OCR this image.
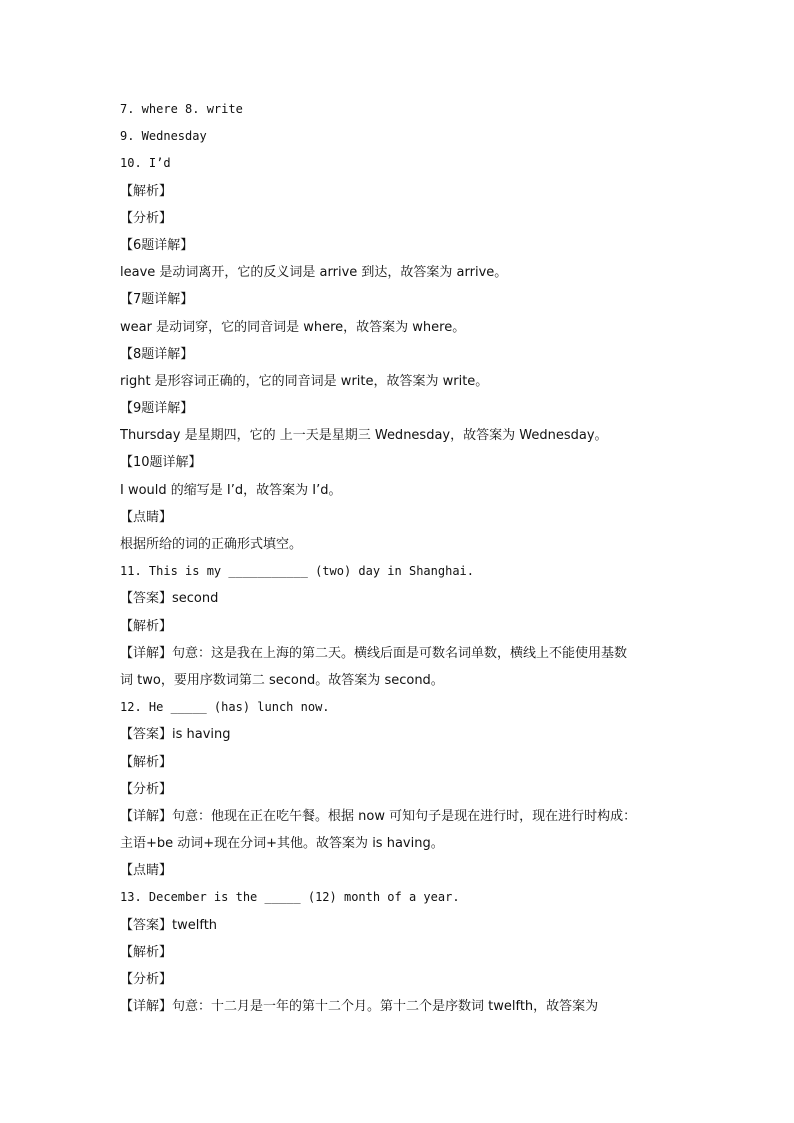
7. where 8. write
9. Wednesday
10. I’d
【解析】
【分析】
【6题详解】
leave 是动词离开，它的反义词是 arrive 到达，故答案为 arrive。
【7题详解】
wear 是动词穿，它的同音词是 where，故答案为 where。
【8题详解】
right 是形容词正确的，它的同音词是 write，故答案为 write。
【9题详解】
Thursday 是星期四，它的 上一天是星期三 Wednesday，故答案为 Wednesday。
【10题详解】
I would 的缩写是 I’d，故答案为 I’d。
【点睛】
根据所给的词的正确形式填空。
11. This is my ___________ (two) day in Shanghai.
【答案】second
【解析】
【详解】句意：这是我在上海的第二天。横线后面是可数名词单数，横线上不能使用基数
词 two，要用序数词第二 second。故答案为 second。
12. He _____ (has) lunch now.
【答案】is having
【解析】
【分析】
【详解】句意：他现在正在吃午餐。根据 now 可知句子是现在进行时，现在进行时构成：
主语+be 动词+现在分词+其他。故答案为 is having。
【点睛】
13. December is the _____ (12) month of a year.
【答案】twelfth
【解析】
【分析】
【详解】句意：十二月是一年的第十二个月。第十二个是序数词 twelfth，故答案为
